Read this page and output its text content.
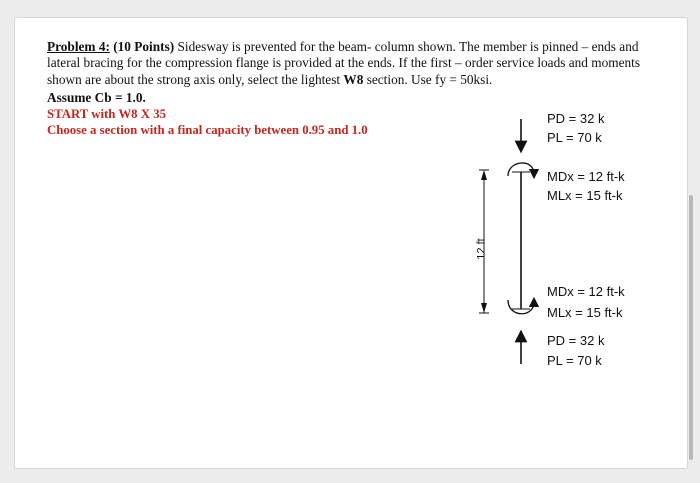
Problem 4: (10 Points) Sidesway is prevented for the beam- column shown. The member is pinned – ends and lateral bracing for the compression flange is provided at the ends. If the first – order service loads and moments shown are about the strong axis only, select the lightest W8 section. Use fy = 50ksi.
Assume Cb = 1.0.
START with W8 X 35
Choose a section with a final capacity between 0.95 and 1.0
PD = 32 k
PL = 70 k
MDx = 12 ft-k
MLx = 15 ft-k
MDx = 12 ft-k
MLx = 15 ft-k
PD = 32 k
PL = 70 k
12 ft
